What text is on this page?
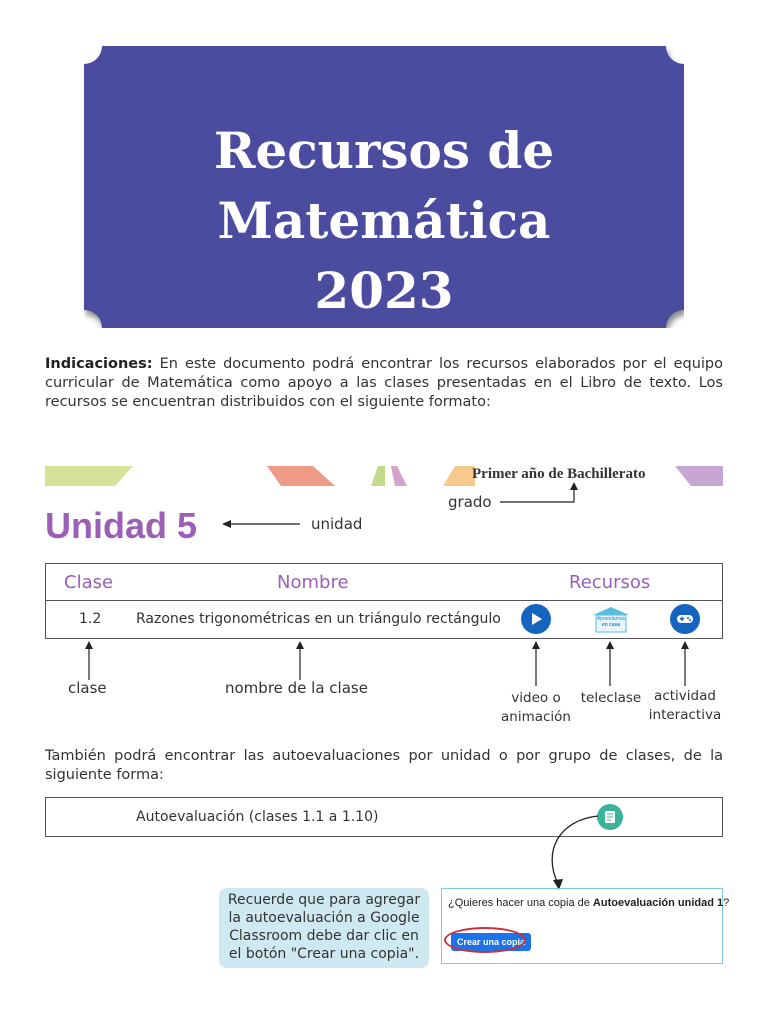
Recursos de
Matemática
2023
Indicaciones: En este documento podrá encontrar los recursos elaborados por el equipo curricular de Matemática como apoyo a las clases presentadas en el Libro de texto. Los recursos se encuentran distribuidos con el siguiente formato:
Primer año de Bachillerato
grado
Unidad 5	unidad
Clase	Nombre	Recursos
1.2 Razones trigonométricas en un triángulo rectángulo	Aprendamos
en casa
clase	nombre de la clase
video o
animación
teleclase actividad
interactiva
También podrá encontrar las autoevaluaciones por unidad o por grupo de clases, de la siguiente forma:
Autoevaluación (clases 1.1 a 1.10)
Recuerde que para agregar la autoevaluación a Google Classroom debe dar clic en el botón "Crear una copia".
¿Quieres hacer una copia de Autoevaluación unidad 1?
Crear una copia
